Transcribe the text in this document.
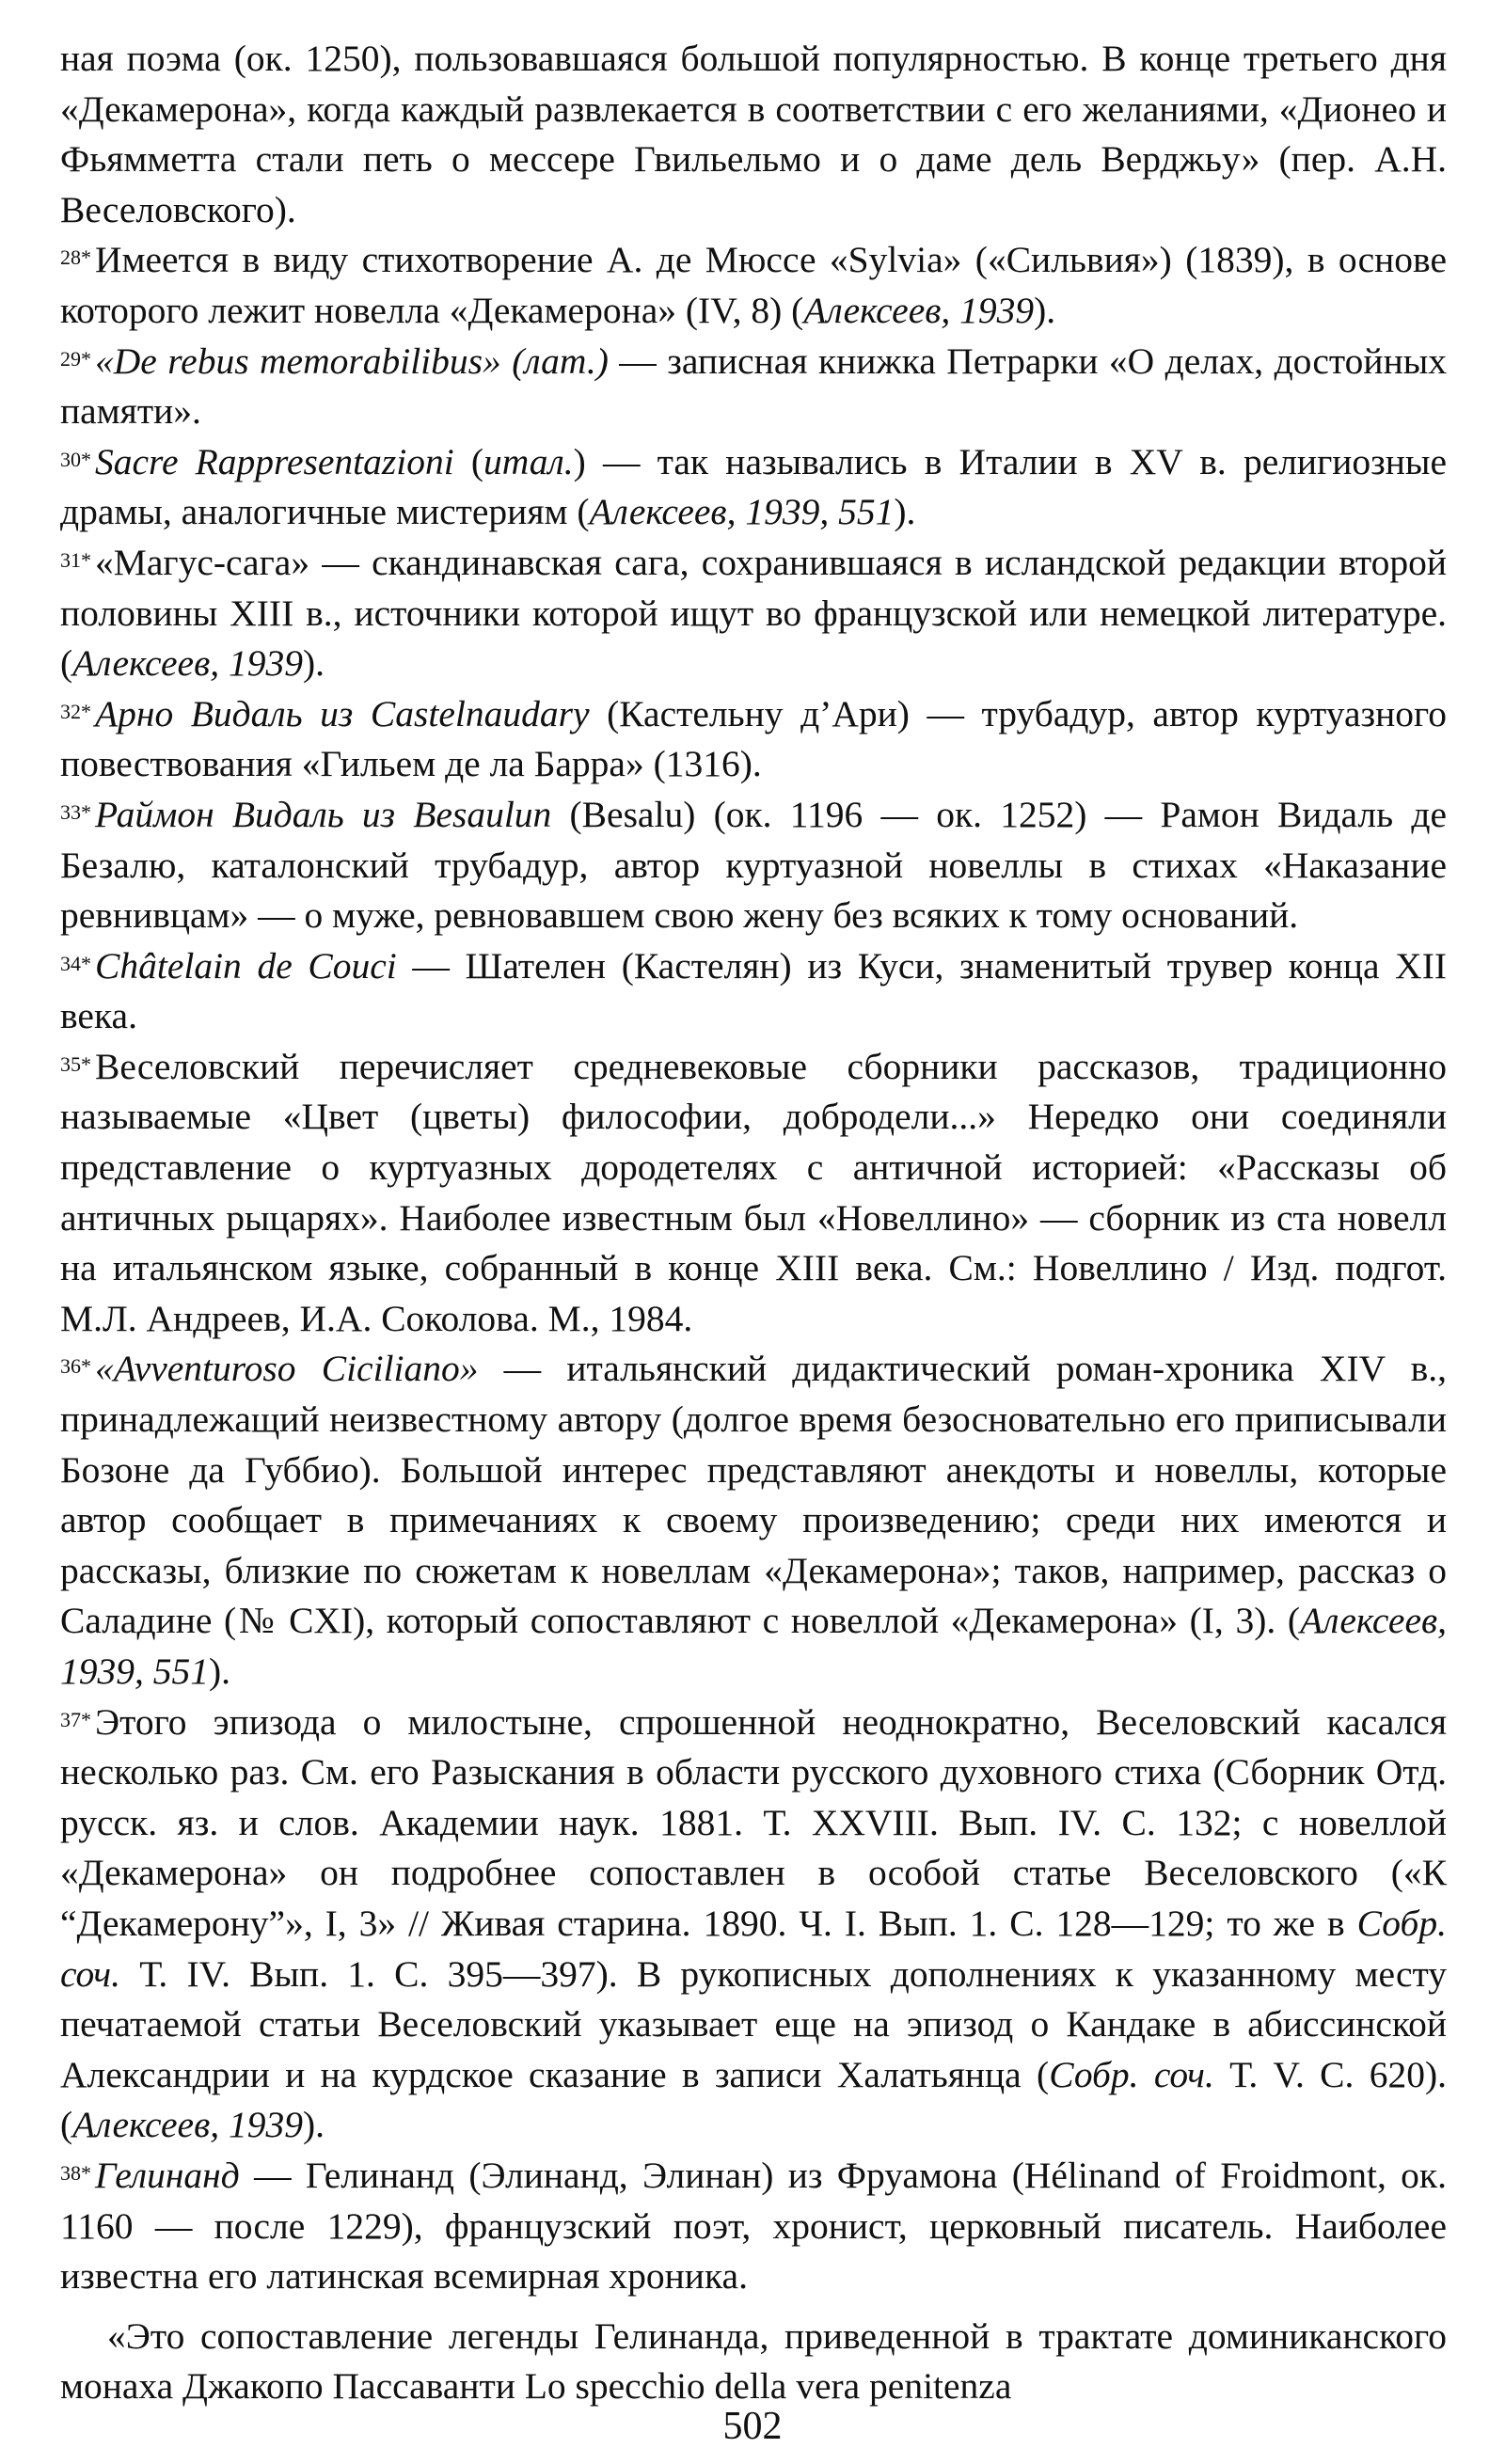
ная поэма (ок. 1250), пользовавшаяся большой популярностью. В конце третьего дня «Декамерона», когда каждый развлекается в соответствии с его желаниями, «Дионео и Фьямметта стали петь о мессере Гвильельмо и о даме дель Верджьу» (пер. А.Н. Веселовского).

$^{28*}$ Имеется в виду стихотворение А. де Мюссе «Sylvia» («Сильвия») (1839), в основе которого лежит новелла «Декамерона» (IV, 8) (Алексеев, 1939).

$^{29*}$ «De rebus memorabilibus» (лат.) — записная книжка Петрарки «О делах, достойных памяти».

$^{30*}$ Sacre Rappresentazioni (итал.) — так назывались в Италии в XV в. религиозные драмы, аналогичные мистериям (Алексеев, 1939, 551).

$^{31*}$ «Магус-сага» — скандинавская сага, сохранившаяся в исландской редакции второй половины XIII в., источники которой ищут во французской или немецкой литературе. (Алексеев, 1939).

$^{32*}$ Арно Видаль из Castelnaudary (Кастельну д’Ари) — трубадур, автор куртуазного повествования «Гильем де ла Барра» (1316).

$^{33*}$ Раймон Видаль из Besaulun (Besalu) (ок. 1196 — ок. 1252) — Рамон Видаль де Безалю, каталонский трубадур, автор куртуазной новеллы в стихах «Наказание ревнивцам» — о муже, ревновавшем свою жену без всяких к тому оснований.

$^{34*}$ Châtelain de Couci — Шателен (Кастелян) из Куси, знаменитый трувер конца XII века.

$^{35*}$ Веселовский перечисляет средневековые сборники рассказов, традиционно называемые «Цвет (цветы) философии, добродели...» Нередко они соединяли представление о куртуазных дородетелях с античной историей: «Рассказы об античных рыцарях». Наиболее известным был «Новеллино» — сборник из ста новелл на итальянском языке, собранный в конце XIII века. См.: Новеллино / Изд. подгот. М.Л. Андреев, И.А. Соколова. М., 1984.

$^{36*}$ «Avventuroso Ciciliano» — итальянский дидактический роман-хроника XIV в., принадлежащий неизвестному автору (долгое время безосновательно его приписывали Бозоне да Губбио). Большой интерес представляют анекдоты и новеллы, которые автор сообщает в примечаниях к своему произведению; среди них имеются и рассказы, близкие по сюжетам к новеллам «Декамерона»; таков, например, рассказ о Саладине (№ CXI), который сопоставляют с новеллой «Декамерона» (I, 3). (Алексеев, 1939, 551).

$^{37*}$ Этого эпизода о милостыне, спрошенной неоднократно, Веселовский касался несколько раз. См. его Разыскания в области русского духовного стиха (Сборник Отд. русск. яз. и слов. Академии наук. 1881. Т. XXVIII. Вып. IV. С. 132; с новеллой «Декамерона» он подробнее сопоставлен в особой статье Веселовского («К “Декамерону”», I, 3» // Живая старина. 1890. Ч. I. Вып. 1. С. 128—129; то же в Собр. соч. Т. IV. Вып. 1. С. 395—397). В рукописных дополнениях к указанному месту печатаемой статьи Веселовский указывает еще на эпизод о Кандаке в абиссинской Александрии и на курдское сказание в записи Халатьянца (Собр. соч. Т. V. С. 620). (Алексеев, 1939).

$^{38*}$ Гелинанд — Гелинанд (Элинанд, Элинан) из Фруамона (Hélinand of Froidmont, ок. 1160 — после 1229), французский поэт, хронист, церковный писатель. Наиболее известна его латинская всемирная хроника.

«Это сопоставление легенды Гелинанда, приведенной в трактате доминиканского монаха Джакопо Пассаванти Lo specchio della vera penitenza

502
